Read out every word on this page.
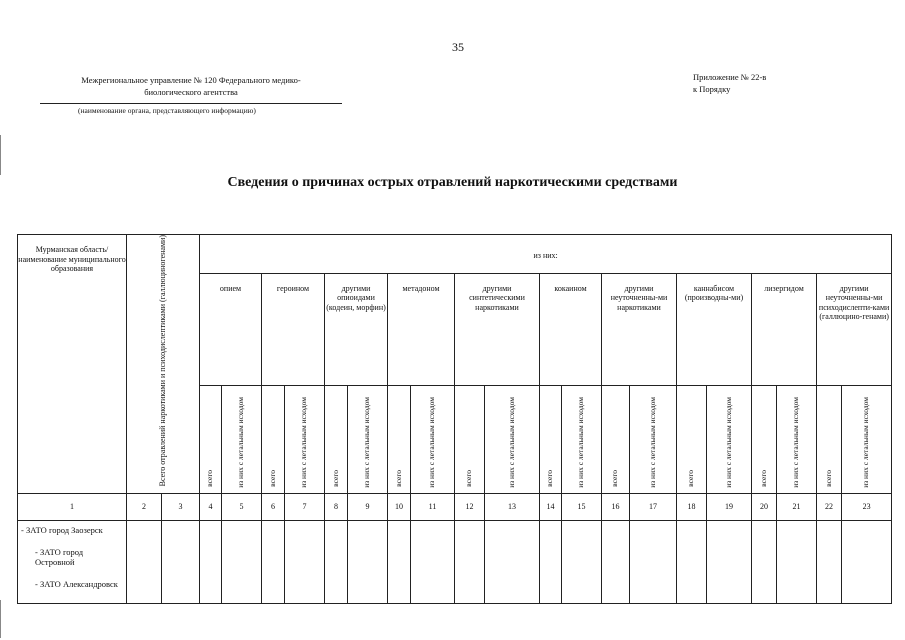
35
Межрегиональное управление № 120 Федерального медико-биологического агентства
(наименование органа, представляющего информацию)
Приложение № 22-в
к Порядку
Сведения о причинах острых отравлений наркотическими средствами
Мурманская область/ наименование муниципального образования	Всего отравлений наркотиками и психодислептиками (галлюциногенами)		из них:																			
			опием		героином		другими опиоидами (кодеин, морфин)		метадоном		другими синтетическими наркотиками		кокаином		другими неуточненны-ми наркотиками		каннабисом (производны-ми)		лизергидом		другими неуточненны-ми психодислепти-ками (галлюцино-генами)	
			всего	из них с летальным исходом	всего	из них с летальным исходом	всего	из них с летальным исходом	всего	из них с летальным исходом	всего	из них с летальным исходом	всего	из них с летальным исходом	всего	из них с летальным исходом	всего	из них с летальным исходом	всего	из них с летальным исходом	всего	из них с летальным исходом
1	2	3	4	5	6	7	8	9	10	11	12	13	14	15	16	17	18	19	20	21	22	23

- ЗАТО город Заозерск
- ЗАТО город Островной
- ЗАТО Александровск																						
